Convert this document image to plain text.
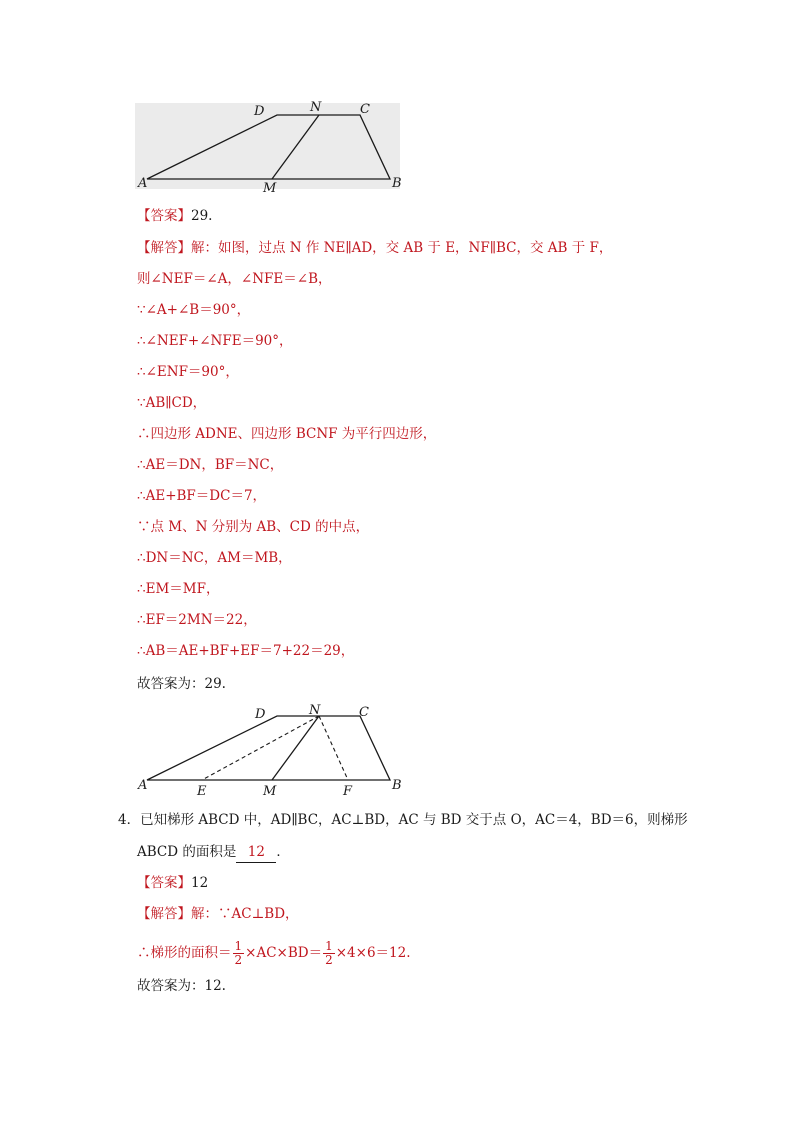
D	N	C
A	M	B
【答案】29.
【解答】解：如图，过点 N 作 NE∥AD，交 AB 于 E，NF∥BC，交 AB 于 F，
则∠NEF＝∠A，∠NFE＝∠B，
∵∠A+∠B＝90°，
∴∠NEF+∠NFE＝90°，
∴∠ENF＝90°，
∵AB∥CD，
∴四边形 ADNE、四边形 BCNF 为平行四边形，
∴AE＝DN，BF＝NC，
∴AE+BF＝DC＝7，
∵点 M、N 分别为 AB、CD 的中点，
∴DN＝NC，AM＝MB，
∴EM＝MF，
∴EF＝2MN＝22，
∴AB＝AE+BF+EF＝7+22＝29，
故答案为：29.
D	N	C
A	E	M	F	B
4．已知梯形 ABCD 中，AD∥BC，AC⊥BD，AC 与 BD 交于点 O，AC＝4，BD＝6，则梯形
ABCD 的面积是 12 ．
【答案】12
【解答】解：∵AC⊥BD，
∴梯形的面积＝ $\frac{1}{2} \times AC\times BD= \frac{1}{2} \times 4\times 6=12$.
故答案为：12.
